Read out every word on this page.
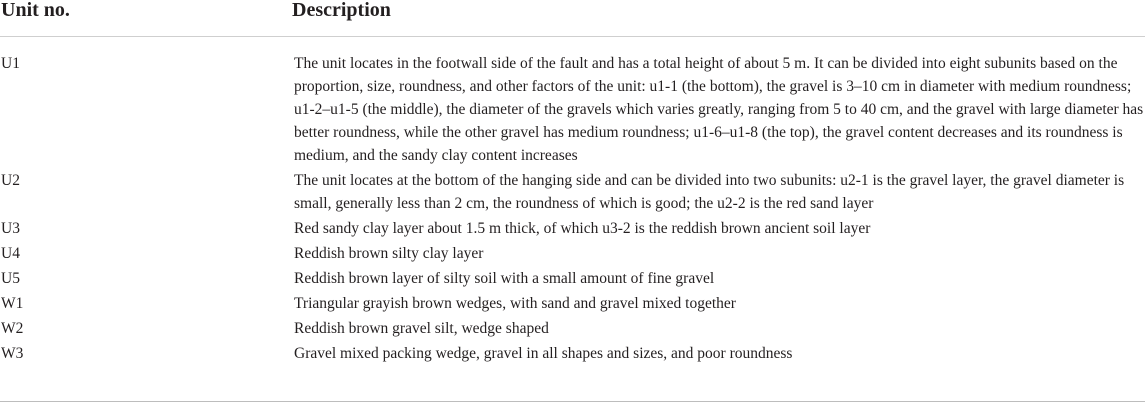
Unit no.	Description
U1	The unit locates in the footwall side of the fault and has a total height of about 5 m. It can be divided into eight subunits based on the proportion, size, roundness, and other factors of the unit: u1-1 (the bottom), the gravel is 3–10 cm in diameter with medium roundness; u1-2–u1-5 (the middle), the diameter of the gravels which varies greatly, ranging from 5 to 40 cm, and the gravel with large diameter has better roundness, while the other gravel has medium roundness; u1-6–u1-8 (the top), the gravel content decreases and its roundness is medium, and the sandy clay content increases
U2	The unit locates at the bottom of the hanging side and can be divided into two subunits: u2-1 is the gravel layer, the gravel diameter is small, generally less than 2 cm, the roundness of which is good; the u2-2 is the red sand layer
U3	Red sandy clay layer about 1.5 m thick, of which u3-2 is the reddish brown ancient soil layer
U4	Reddish brown silty clay layer
U5	Reddish brown layer of silty soil with a small amount of fine gravel
W1	Triangular grayish brown wedges, with sand and gravel mixed together
W2	Reddish brown gravel silt, wedge shaped
W3	Gravel mixed packing wedge, gravel in all shapes and sizes, and poor roundness
